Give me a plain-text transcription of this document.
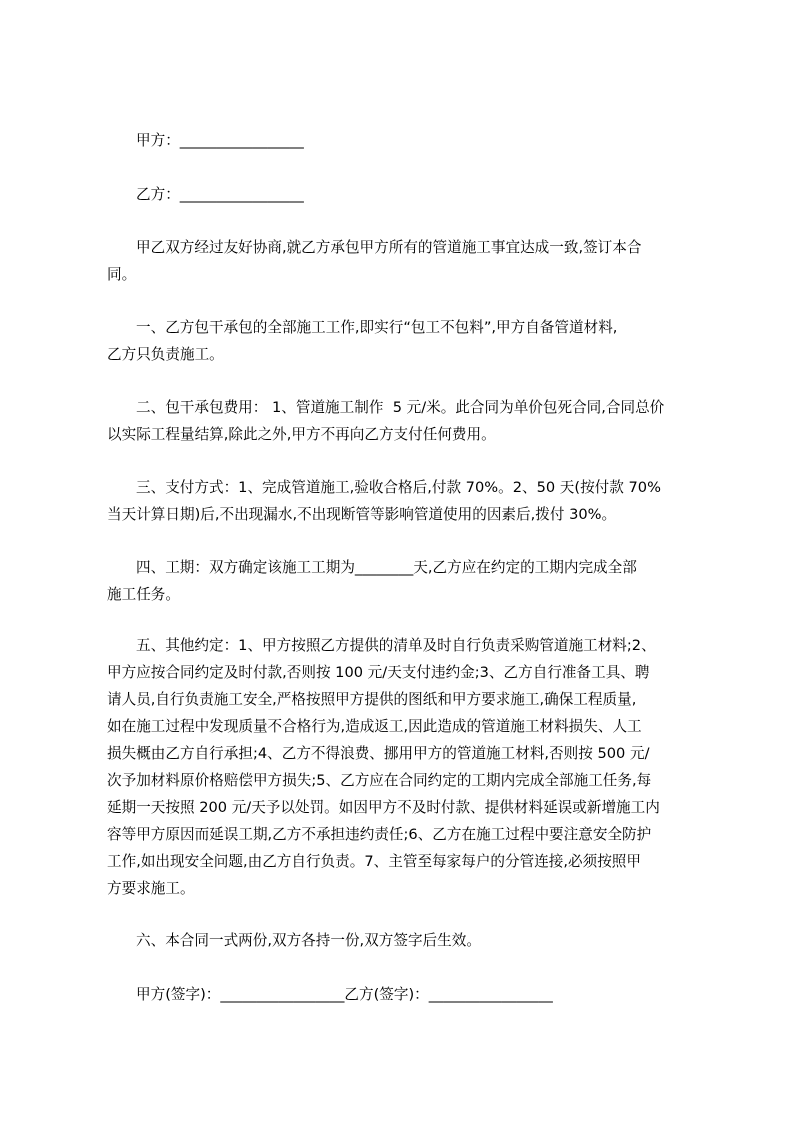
甲方：_________________
乙方：_________________
甲乙双方经过友好协商,就乙方承包甲方所有的管道施工事宜达成一致,签订本合
同。
一、乙方包干承包的全部施工工作,即实行“包工不包料”,甲方自备管道材料,
乙方只负责施工。
二、包干承包费用： 1、管道施工制作  5 元/米。此合同为单价包死合同,合同总价
以实际工程量结算,除此之外,甲方不再向乙方支付任何费用。
三、支付方式：1、完成管道施工,验收合格后,付款 70%。2、50 天(按付款 70%
当天计算日期)后,不出现漏水,不出现断管等影响管道使用的因素后,拨付 30%。
四、工期：双方确定该施工工期为________天,乙方应在约定的工期内完成全部
施工任务。
五、其他约定：1、甲方按照乙方提供的清单及时自行负责采购管道施工材料;2、
甲方应按合同约定及时付款,否则按 100 元/天支付违约金;3、乙方自行准备工具、聘
请人员,自行负责施工安全,严格按照甲方提供的图纸和甲方要求施工,确保工程质量,
如在施工过程中发现质量不合格行为,造成返工,因此造成的管道施工材料损失、人工
损失概由乙方自行承担;4、乙方不得浪费、挪用甲方的管道施工材料,否则按 500 元/
次予加材料原价格赔偿甲方损失;5、乙方应在合同约定的工期内完成全部施工任务,每
延期一天按照 200 元/天予以处罚。如因甲方不及时付款、提供材料延误或新增施工内
容等甲方原因而延误工期,乙方不承担违约责任;6、乙方在施工过程中要注意安全防护
工作,如出现安全问题,由乙方自行负责。7、主管至每家每户的分管连接,必须按照甲
方要求施工。
六、本合同一式两份,双方各持一份,双方签字后生效。
甲方(签字)：_________________乙方(签字)：_________________
